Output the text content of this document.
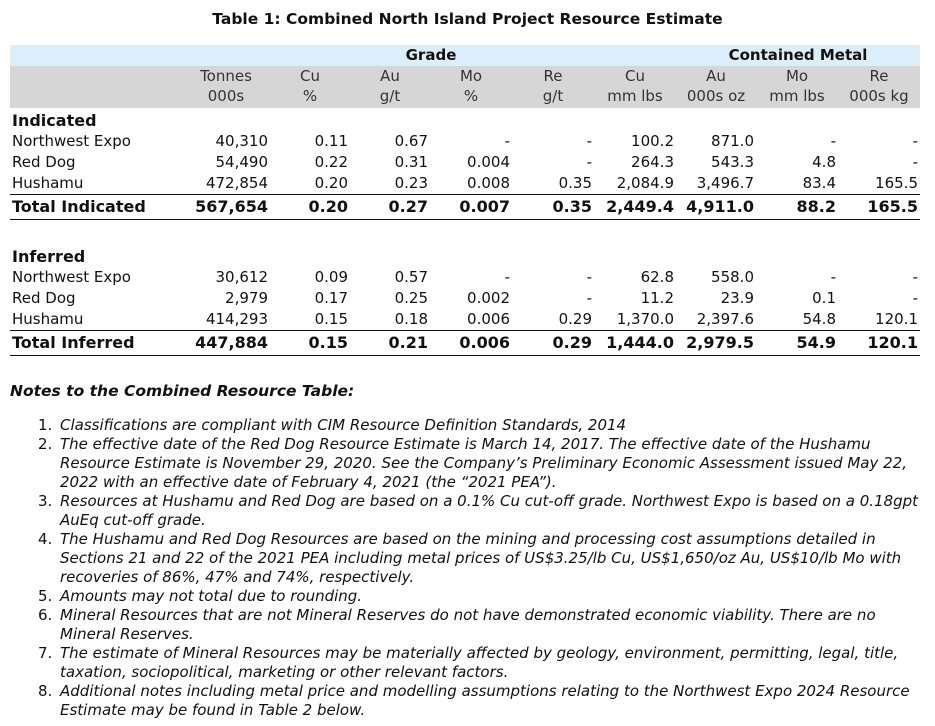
Table 1: Combined North Island Project Resource Estimate
			Grade				Contained Metal		
	Tonnes	Cu	Au	Mo	Re	Cu	Au	Mo	Re
	000s	%	g/t	%	g/t	mm lbs	000s oz	mm lbs	000s kg
Indicated									
Northwest Expo	40,310	0.11	0.67	-	-	100.2	871.0	-	-
Red Dog	54,490	0.22	0.31	0.004	-	264.3	543.3	4.8	-
Hushamu	472,854	0.20	0.23	0.008	0.35	2,084.9	3,496.7	83.4	165.5
Total Indicated	567,654	0.20	0.27	0.007	0.35	2,449.4	4,911.0	88.2	165.5

Inferred									
Northwest Expo	30,612	0.09	0.57	-	-	62.8	558.0	-	-
Red Dog	2,979	0.17	0.25	0.002	-	11.2	23.9	0.1	-
Hushamu	414,293	0.15	0.18	0.006	0.29	1,370.0	2,397.6	54.8	120.1
Total Inferred	447,884	0.15	0.21	0.006	0.29	1,444.0	2,979.5	54.9	120.1
Notes to the Combined Resource Table:
1. Classifications are compliant with CIM Resource Definition Standards, 2014
2. The effective date of the Red Dog Resource Estimate is March 14, 2017. The effective date of the Hushamu Resource Estimate is November 29, 2020. See the Company’s Preliminary Economic Assessment issued May 22, 2022 with an effective date of February 4, 2021 (the “2021 PEA”).
3. Resources at Hushamu and Red Dog are based on a 0.1% Cu cut-off grade. Northwest Expo is based on a 0.18gpt AuEq cut-off grade.
4. The Hushamu and Red Dog Resources are based on the mining and processing cost assumptions detailed in Sections 21 and 22 of the 2021 PEA including metal prices of US$3.25/lb Cu, US$1,650/oz Au, US$10/lb Mo with recoveries of 86%, 47% and 74%, respectively.
5. Amounts may not total due to rounding.
6. Mineral Resources that are not Mineral Reserves do not have demonstrated economic viability. There are no Mineral Reserves.
7. The estimate of Mineral Resources may be materially affected by geology, environment, permitting, legal, title, taxation, sociopolitical, marketing or other relevant factors.
8. Additional notes including metal price and modelling assumptions relating to the Northwest Expo 2024 Resource Estimate may be found in Table 2 below.
